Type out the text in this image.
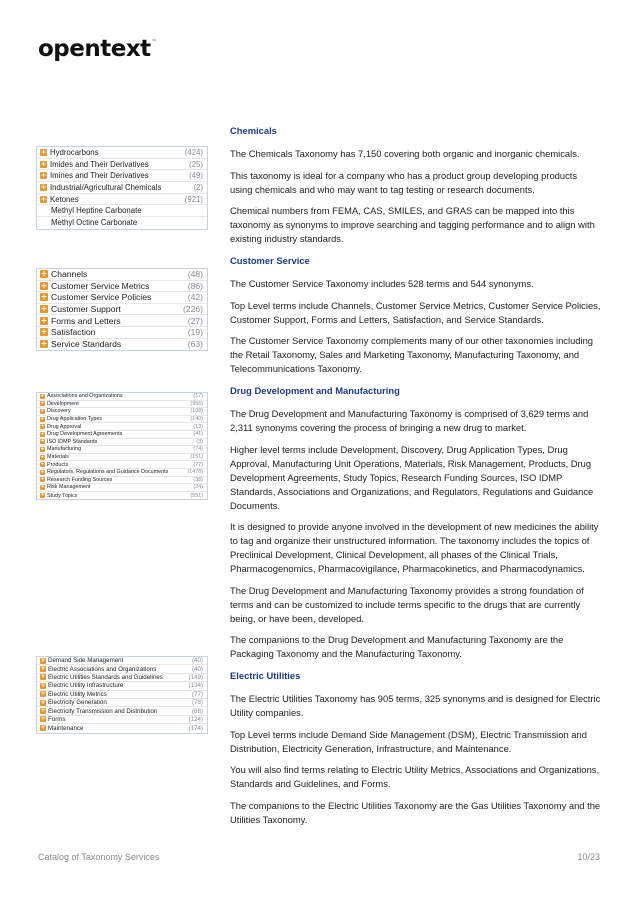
opentext™
+ Hydrocarbons	(424)
+ Imides and Their Derivatives	(25)
+ Imines and Their Derivatives	(49)
+ Industrial/Agricultural Chemicals	(2)
+ Ketones	(921)
Methyl Heptine Carbonate
Methyl Octine Carbonate
+ Channels	(48)
+ Customer Service Metrics	(86)
+ Customer Service Policies	(42)
+ Customer Support	(226)
+ Forms and Letters	(27)
+ Satisfaction	(19)
+ Service Standards	(63)
+ Associations and Organizations	(17)
+ Development	(956)
+ Discovery	(108)
+ Drug Application Types	(140)
+ Drug Approval	(13)
+ Drug Development Agreements	(41)
+ ISO IDMP Standards	(3)
+ Manufacturing	(74)
+ Materials	(151)
+ Products	(77)
+ Regulators, Regulations and Guidance Documents	(1478)
+ Research Funding Sources	(38)
+ Risk Management	(24)
+ Study Topics	(551)
+ Demand Side Management	(40)
+ Electric Associations and Organizations	(40)
+ Electric Utilities Standards and Guidelines	(149)
+ Electric Utility Infrastructure	(134)
+ Electric Utility Metrics	(77)
+ Electricity Generation	(78)
+ Electricity Transmission and Distribution	(68)
+ Forms	(124)
+ Maintenance	(174)
Chemicals

The Chemicals Taxonomy has 7,150 covering both organic and inorganic chemicals.

This taxonomy is ideal for a company who has a product group developing products using chemicals and who may want to tag testing or research documents.

Chemical numbers from FEMA, CAS, SMILES, and GRAS can be mapped into this taxonomy as synonyms to improve searching and tagging performance and to align with existing industry standards.

Customer Service

The Customer Service Taxonomy includes 528 terms and 544 synonyms.

Top Level terms include Channels, Customer Service Metrics, Customer Service Policies, Customer Support, Forms and Letters, Satisfaction, and Service Standards.

The Customer Service Taxonomy complements many of our other taxonomies including the Retail Taxonomy, Sales and Marketing Taxonomy, Manufacturing Taxonomy, and Telecommunications Taxonomy.

Drug Development and Manufacturing

The Drug Development and Manufacturing Taxonomy is comprised of 3,629 terms and 2,311 synonyms covering the process of bringing a new drug to market.

Higher level terms include Development, Discovery, Drug Application Types, Drug Approval, Manufacturing Unit Operations, Materials, Risk Management, Products, Drug Development Agreements, Study Topics, Research Funding Sources, ISO IDMP Standards, Associations and Organizations, and Regulators, Regulations and Guidance Documents.

It is designed to provide anyone involved in the development of new medicines the ability to tag and organize their unstructured information. The taxonomy includes the topics of Preclinical Development, Clinical Development, all phases of the Clinical Trials, Pharmacogenomics, Pharmacovigilance, Pharmacokinetics, and Pharmacodynamics.

The Drug Development and Manufacturing Taxonomy provides a strong foundation of terms and can be customized to include terms specific to the drugs that are currently being, or have been, developed.

The companions to the Drug Development and Manufacturing Taxonomy are the Packaging Taxonomy and the Manufacturing Taxonomy.

Electric Utilities

The Electric Utilities Taxonomy has 905 terms, 325 synonyms and is designed for Electric Utility companies.

Top Level terms include Demand Side Management (DSM), Electric Transmission and Distribution, Electricity Generation, Infrastructure, and Maintenance.

You will also find terms relating to Electric Utility Metrics, Associations and Organizations, Standards and Guidelines, and Forms.

The companions to the Electric Utilities Taxonomy are the Gas Utilities Taxonomy and the Utilities Taxonomy.

Catalog of Taxonomy Services	10/23
